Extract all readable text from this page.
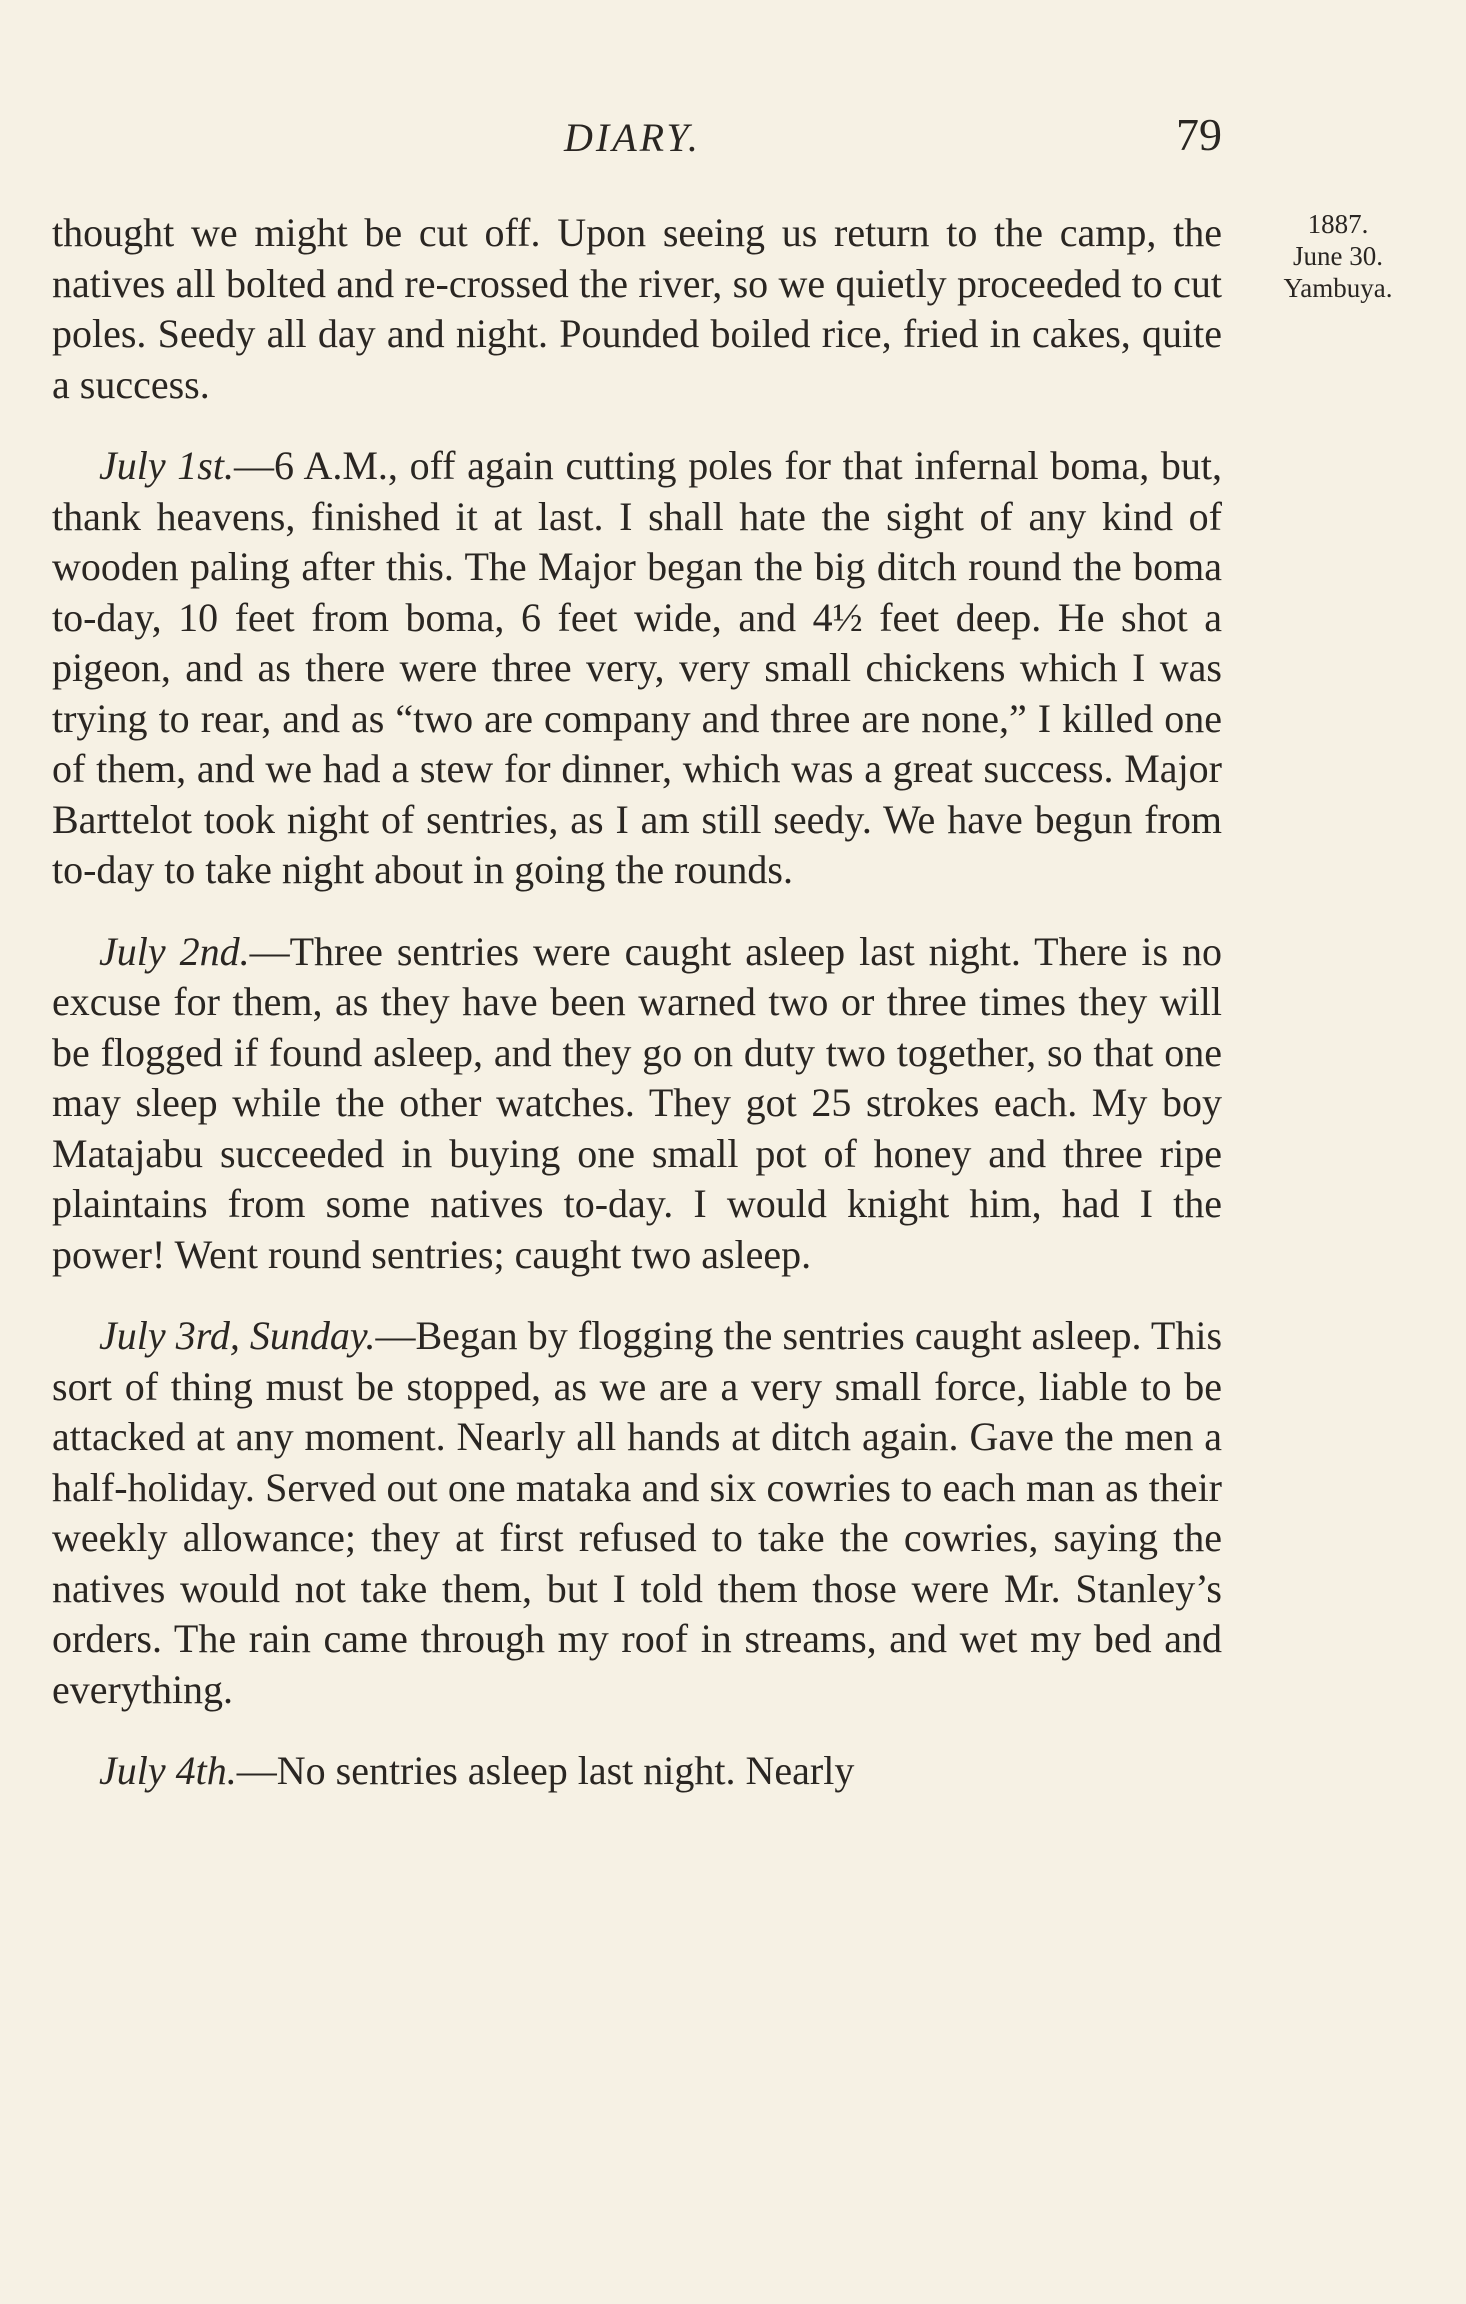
DIARY.	79
1887.
June 30.
Yambuya.

thought we might be cut off. Upon seeing us return to the camp, the natives all bolted and re-crossed the river, so we quietly proceeded to cut poles. Seedy all day and night. Pounded boiled rice, fried in cakes, quite a success.

July 1st.—6 A.M., off again cutting poles for that infernal boma, but, thank heavens, finished it at last. I shall hate the sight of any kind of wooden paling after this. The Major began the big ditch round the boma to-day, 10 feet from boma, 6 feet wide, and 4½ feet deep. He shot a pigeon, and as there were three very, very small chickens which I was trying to rear, and as “two are company and three are none,” I killed one of them, and we had a stew for dinner, which was a great success. Major Barttelot took night of sentries, as I am still seedy. We have begun from to-day to take night about in going the rounds.

July 2nd.—Three sentries were caught asleep last night. There is no excuse for them, as they have been warned two or three times they will be flogged if found asleep, and they go on duty two together, so that one may sleep while the other watches. They got 25 strokes each. My boy Matajabu succeeded in buying one small pot of honey and three ripe plaintains from some natives to-day. I would knight him, had I the power! Went round sentries; caught two asleep.

July 3rd, Sunday.—Began by flogging the sentries caught asleep. This sort of thing must be stopped, as we are a very small force, liable to be attacked at any moment. Nearly all hands at ditch again. Gave the men a half-holiday. Served out one mataka and six cowries to each man as their weekly allowance; they at first refused to take the cowries, saying the natives would not take them, but I told them those were Mr. Stanley’s orders. The rain came through my roof in streams, and wet my bed and everything.

July 4th.—No sentries asleep last night. Nearly
